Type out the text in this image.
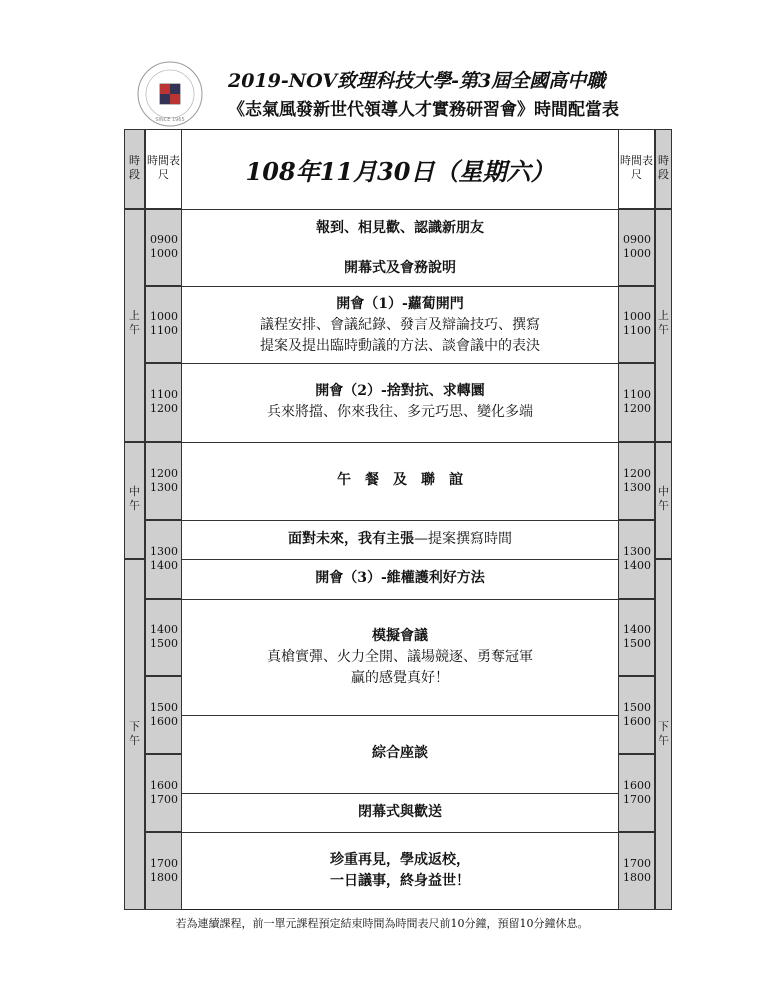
SINCE 1965
2019-NOV致理科技大學-第3屆全國高中職
《志氣風發新世代領導人才實務研習會》時間配當表
時段
上午
中午
下午
時間表尺
0900
1000
1000
1100
1100
1200
1200
1300
1300
1400
1400
1500
1500
1600
1600
1700
1700
1800
時間表尺
0900
1000
1000
1100
1100
1200
1200
1300
1300
1400
1400
1500
1500
1600
1600
1700
1700
1800
時段
上午
中午
下午
108年11月30日（星期六）
報到、相見歡、認識新朋友
開幕式及會務說明
開會（1）-蘿蔔開門
議程安排、會議紀錄、發言及辯論技巧、撰寫
提案及提出臨時動議的方法、談會議中的表決
開會（2）-捨對抗、求轉圜
兵來將擋、你來我往、多元巧思、變化多端
午　餐　及　聯　誼
面對未來，我有主張—提案撰寫時間
開會（3）-維權護利好方法
模擬會議
真槍實彈、火力全開、議場競逐、勇奪冠軍
贏的感覺真好！
綜合座談
閉幕式與歡送
珍重再見，學成返校，
一日議事，終身益世！
若為連續課程，前一單元課程預定結束時間為時間表尺前10分鐘，預留10分鐘休息。
